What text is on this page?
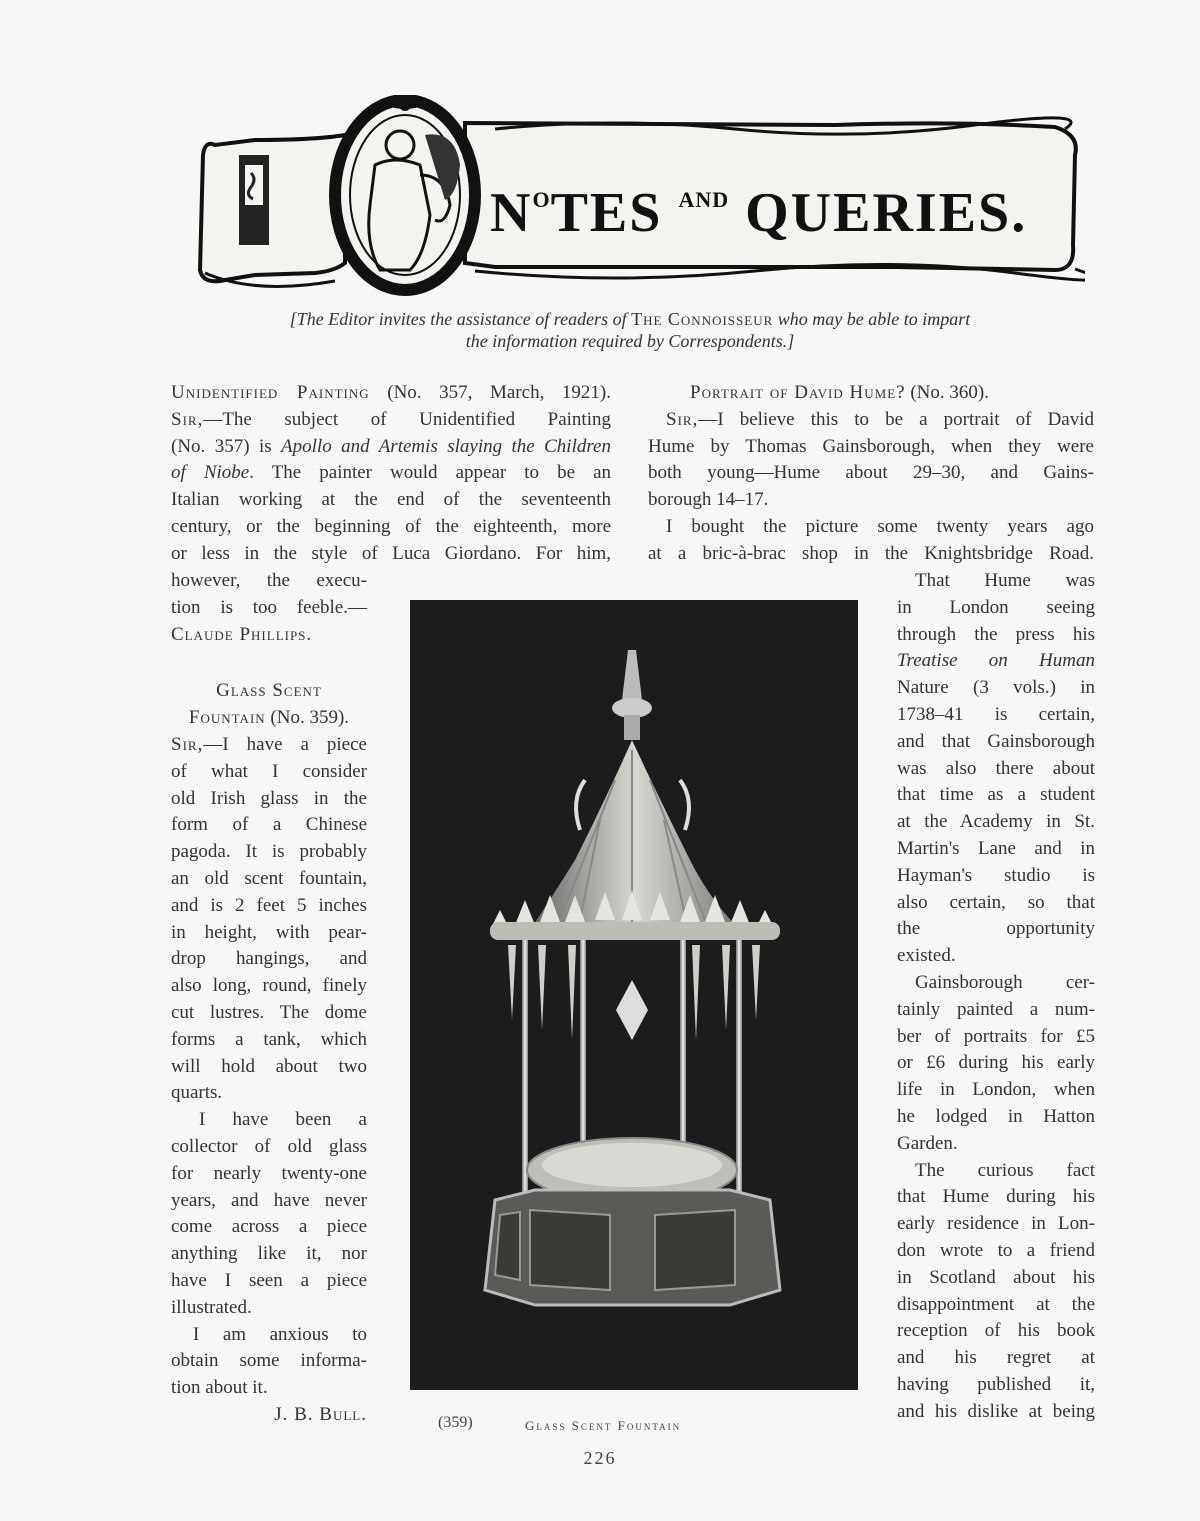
$N^OTES$ $^{AND}$ QUERIES.
[The Editor invites the assistance of readers of The Connoisseur who may be able to impart
the information required by Correspondents.]
Unidentified Painting (No. 357, March, 1921).
Sir,—The subject of Unidentified Painting
(No. 357) is Apollo and Artemis slaying the Children
of Niobe. The painter would appear to be an
Italian working at the end of the seventeenth
century, or the beginning of the eighteenth, more
or less in the style of Luca Giordano. For him,
however, the execu-
tion is too feeble.—
Claude Phillips.
Glass Scent
Fountain (No. 359).
Sir,—I have a piece
of what I consider
old Irish glass in the
form of a Chinese
pagoda. It is probably
an old scent fountain,
and is 2 feet 5 inches
in height, with pear-
drop hangings, and
also long, round, finely
cut lustres. The dome
forms a tank, which
will hold about two
quarts.
I have been a
collector of old glass
for nearly twenty-one
years, and have never
come across a piece
anything like it, nor
have I seen a piece
illustrated.
I am anxious to
obtain some informa-
tion about it.
J. B. Bull.
Portrait of David Hume? (No. 360).
Sir,—I believe this to be a portrait of David
Hume by Thomas Gainsborough, when they were
both young—Hume about 29–30, and Gains-
borough 14–17.
I bought the picture some twenty years ago
at a bric-à-brac shop in the Knightsbridge Road.
That Hume was
in London seeing
through the press his
Treatise on Human
Nature (3 vols.) in
1738–41 is certain,
and that Gainsborough
was also there about
that time as a student
at the Academy in St.
Martin's Lane and in
Hayman's studio is
also certain, so that
the opportunity
existed.
Gainsborough cer-
tainly painted a num-
ber of portraits for £5
or £6 during his early
life in London, when
he lodged in Hatton
Garden.
The curious fact
that Hume during his
early residence in Lon-
don wrote to a friend
in Scotland about his
disappointment at the
reception of his book
and his regret at
having published it,
and his dislike at being
(359)	Glass Scent Fountain
226
